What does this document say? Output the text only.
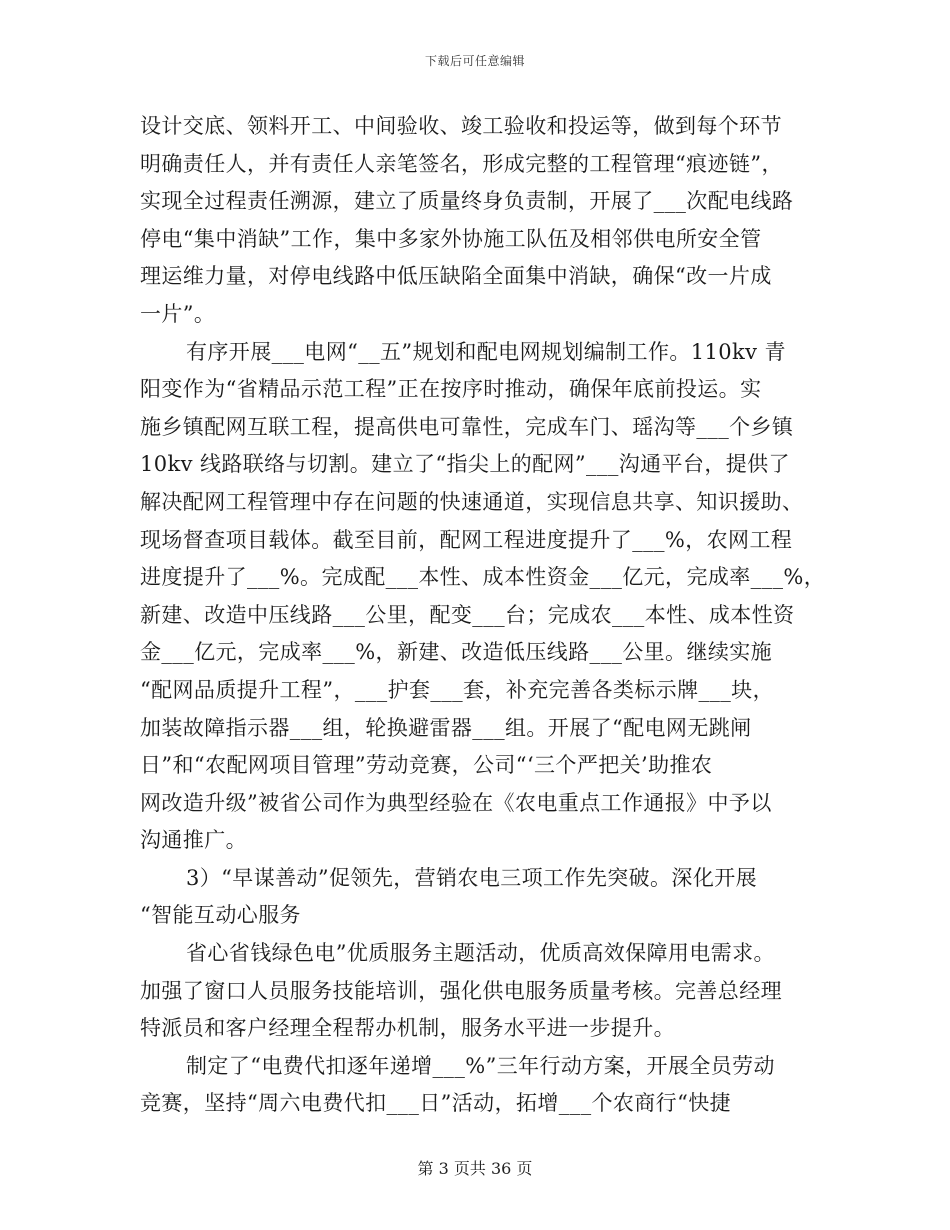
下载后可任意编辑
设计交底、领料开工、中间验收、竣工验收和投运等，做到每个环节
明确责任人，并有责任人亲笔签名，形成完整的工程管理“痕迹链”，
实现全过程责任溯源，建立了质量终身负责制，开展了___次配电线路
停电“集中消缺”工作，集中多家外协施工队伍及相邻供电所安全管
理运维力量，对停电线路中低压缺陷全面集中消缺，确保“改一片成
一片”。
有序开展___电网“__五”规划和配电网规划编制工作。110kv 青
阳变作为“省精品示范工程”正在按序时推动，确保年底前投运。实
施乡镇配网互联工程，提高供电可靠性，完成车门、瑶沟等___个乡镇
10kv 线路联络与切割。建立了“指尖上的配网”___沟通平台，提供了
解决配网工程管理中存在问题的快速通道，实现信息共享、知识援助、
现场督查项目载体。截至目前，配网工程进度提升了___%，农网工程
进度提升了___%。完成配___本性、成本性资金___亿元，完成率___%，
新建、改造中压线路___公里，配变___台；完成农___本性、成本性资
金___亿元，完成率___%，新建、改造低压线路___公里。继续实施
“配网品质提升工程”，___护套___套，补充完善各类标示牌___块，
加装故障指示器___组，轮换避雷器___组。开展了“配电网无跳闸
日”和“农配网项目管理”劳动竞赛，公司“‘三个严把关’助推农
网改造升级”被省公司作为典型经验在《农电重点工作通报》中予以
沟通推广。
3）“早谋善动”促领先，营销农电三项工作先突破。深化开展
“智能互动心服务
省心省钱绿色电”优质服务主题活动，优质高效保障用电需求。
加强了窗口人员服务技能培训，强化供电服务质量考核。完善总经理
特派员和客户经理全程帮办机制，服务水平进一步提升。
制定了“电费代扣逐年递增___%”三年行动方案，开展全员劳动
竞赛，坚持“周六电费代扣___日”活动，拓增___个农商行“快捷
第 3 页共 36 页
